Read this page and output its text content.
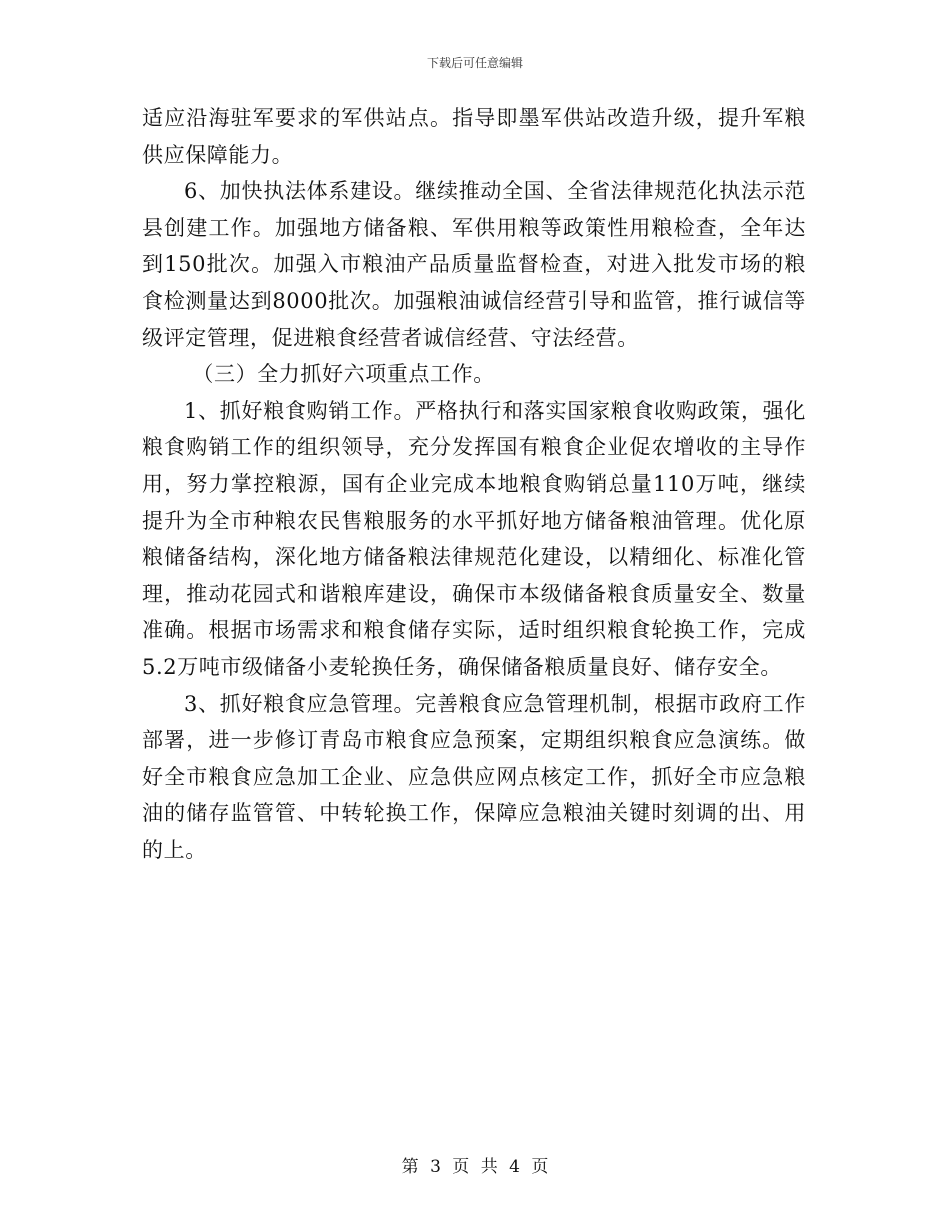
下载后可任意编辑

适应沿海驻军要求的军供站点。指导即墨军供站改造升级，提升军粮供应保障能力。

6、加快执法体系建设。继续推动全国、全省法律规范化执法示范县创建工作。加强地方储备粮、军供用粮等政策性用粮检查，全年达到150批次。加强入市粮油产品质量监督检查，对进入批发市场的粮食检测量达到8000批次。加强粮油诚信经营引导和监管，推行诚信等级评定管理，促进粮食经营者诚信经营、守法经营。

（三）全力抓好六项重点工作。

1、抓好粮食购销工作。严格执行和落实国家粮食收购政策，强化粮食购销工作的组织领导，充分发挥国有粮食企业促农增收的主导作用，努力掌控粮源，国有企业完成本地粮食购销总量110万吨，继续提升为全市种粮农民售粮服务的水平抓好地方储备粮油管理。优化原粮储备结构，深化地方储备粮法律规范化建设，以精细化、标准化管理，推动花园式和谐粮库建设，确保市本级储备粮食质量安全、数量准确。根据市场需求和粮食储存实际，适时组织粮食轮换工作，完成5.2万吨市级储备小麦轮换任务，确保储备粮质量良好、储存安全。

3、抓好粮食应急管理。完善粮食应急管理机制，根据市政府工作部署，进一步修订青岛市粮食应急预案，定期组织粮食应急演练。做好全市粮食应急加工企业、应急供应网点核定工作，抓好全市应急粮油的储存监管管、中转轮换工作，保障应急粮油关键时刻调的出、用的上。

第 3 页 共 4 页
